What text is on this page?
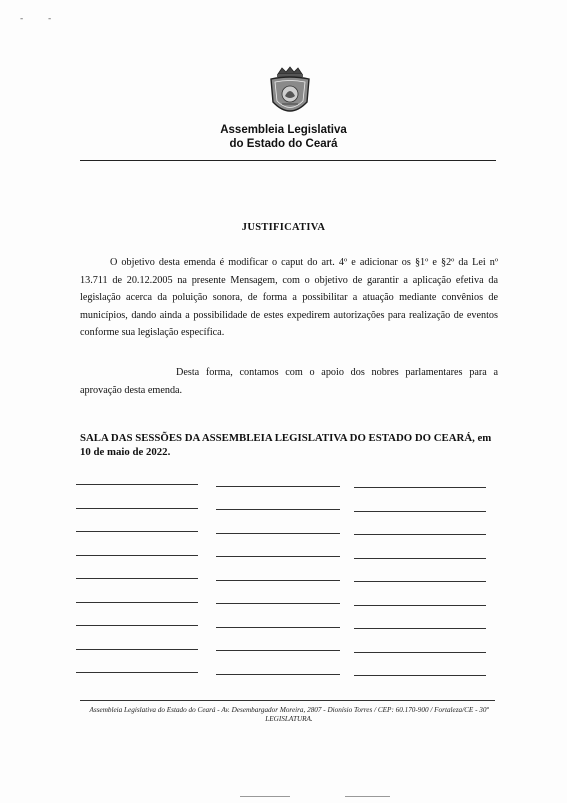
-	-
Assembleia Legislativa
do Estado do Ceará
JUSTIFICATIVA
O objetivo desta emenda é modificar o caput do art. 4º e adicionar os §1º e §2º da Lei nº 13.711 de 20.12.2005 na presente Mensagem, com o objetivo de garantir a aplicação efetiva da legislação acerca da poluição sonora, de forma a possibilitar a atuação mediante convênios de municípios, dando ainda a possibilidade de estes expedirem autorizações para realização de eventos conforme sua legislação específica.
Desta forma, contamos com o apoio dos nobres parlamentares para a aprovação desta emenda.
SALA DAS SESSÕES DA ASSEMBLEIA LEGISLATIVA DO ESTADO DO CEARÁ, em 10 de maio de 2022.
Assembleia Legislativa do Estado do Ceará - Av. Desembargador Moreira, 2807 - Dionísio Torres / CEP: 60.170-900 / Fortaleza/CE - 30ª LEGISLATURA.
